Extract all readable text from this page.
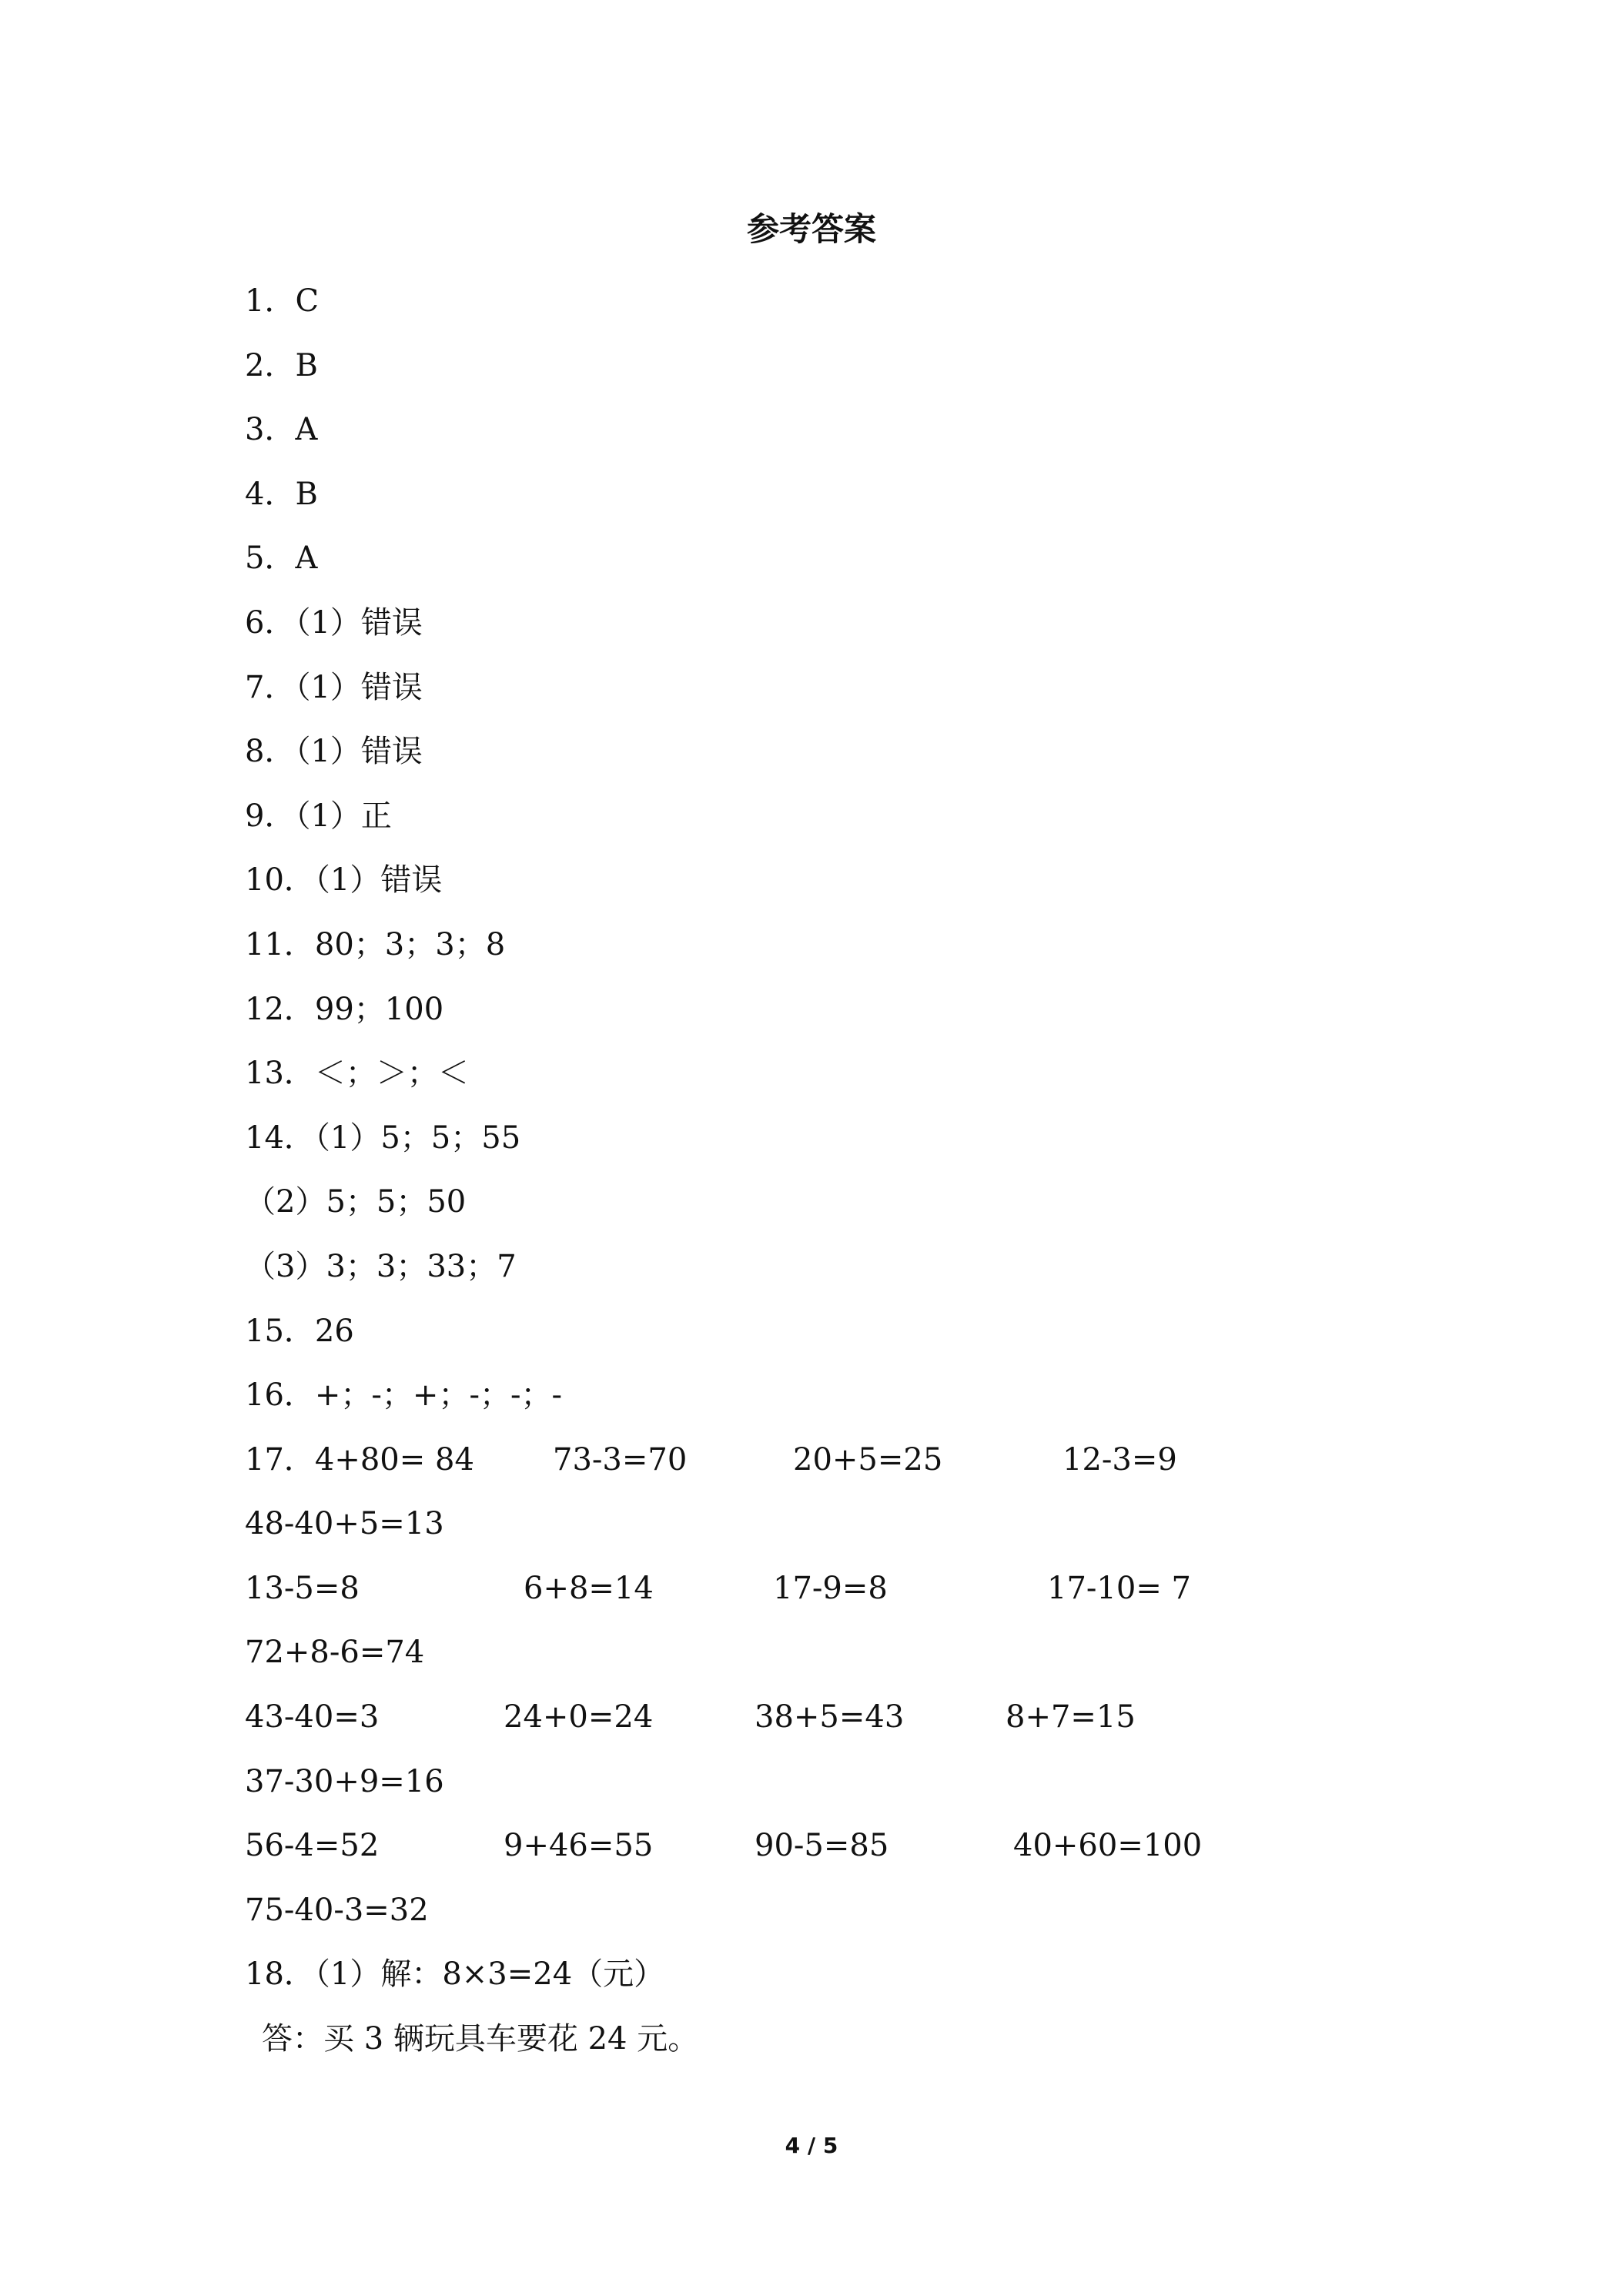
参考答案
1．C
2．B
3．A
4．B
5．A
6．（1）错误
7．（1）错误
8．（1）错误
9．（1）正
10．（1）错误
11．80；3；3；8
12．99；100
13．＜；＞；＜
14．（1）5；5；55
（2）5；5；50
（3）3；3；33；7
15．26
16．+；-；+；-；-；-
17．4+80= 84	73-3=70	20+5=25	12-3=9
48-40+5=13
13-5=8	6+8=14	17-9=8	17-10= 7
72+8-6=74
43-40=3	24+0=24	38+5=43	8+7=15
37-30+9=16
56-4=52	9+46=55	90-5=85	40+60=100
75-40-3=32
18．（1）解：8×3=24（元）
答：买 3 辆玩具车要花 24 元。
4 / 5
